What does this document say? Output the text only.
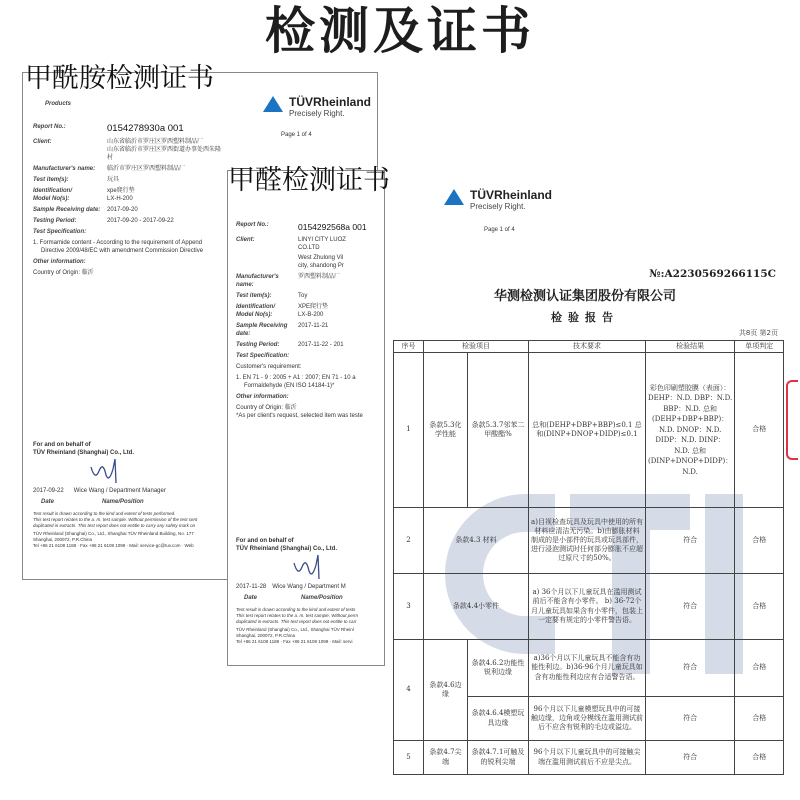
检测及证书
TÜVRheinland
Precisely Right.
Products
Page 1 of 4
Report No.:	0154278930a 001
Client:	山东省临沂市罗庄区罗西塑料制品厂
山东省临沂市罗庄区罗西街道办事处西朱隆村
Manufacturer's name:	临沂市罗庄区罗西塑料制品厂
Test item(s):	玩具
Identification/
Model No(s):
xpe爬行垫
LX-H-200
Sample Receiving date:	2017-09-20
Testing Period:	2017-09-20 - 2017-09-22
Test Specification:
1. Formamide content - According to the requirement of Append
Directive 2009/48/EC with amendment Commission Directive
Other information:
Country of Origin: 临沂
For and on behalf of
TÜV Rheinland (Shanghai) Co., Ltd.
2017-09-22 Wice Wang / Department Manager
Date	Name/Position
Test result is drawn according to the kind and extent of tests performed.
This test report relates to the a. m. test sample. Without permission of the test cent
duplicated in extracts. This test report does not entitle to carry any safety mark on
TÜV Rheinland (Shanghai) Co., Ltd., Shanghai TÜV Rheinland Building, No. 177
Shanghai, 200072, P.R.China
Tel +86 21 6108 1188 · Fax +86 21 6108 1099 · Mail: service-gc@tuv.com · Web
甲酰胺检测证书
Report No.:	0154292568a 001
Client:	LINYI CITY LUOZ
CO.LTD
West Zhulong Vil
city, shandong Pr
Manufacturer's name:
罗西塑料制品厂
Test item(s):	Toy
Identification/
Model No(s):
XPE爬行垫
LX-B-200
Sample Receiving date:
2017-11-21
Testing Period:	2017-11-22 - 201
Test Specification:
Customer's requirement:
1. EN 71 - 9 : 2005 + A1 : 2007; EN 71 - 10 a
Formaldehyde (EN ISO 14184-1)*
Other information:
Country of Origin: 临沂
*As per client's request, selected item was teste
For and on behalf of
TÜV Rheinland (Shanghai) Co., Ltd.
2017-11-28 Wice Wang / Department M
Date	Name/Position
Test result is drawn according to the kind and extent of tests
This test report relates to the a. m. test sample. Without perm
duplicated in extracts. This test report does not entitle to carr
TÜV Rheinland (Shanghai) Co., Ltd., Shanghai TÜV Rheinl
Shanghai, 200072, P.R.China
Tel +86 21 6108 1188 · Fax +86 21 6108 1099 · Mail: servi
TÜVRheinland
Precisely Right.
Page 1 of 4
甲醛检测证书
№:A2230569266115C
华测检测认证集团股份有限公司
检验报告
共8页 第2页
序号	检验项目		技术要求	检验结果	单项判定
1	条款5.3化学性能	条款5.3.7邻苯二甲酸酯%	总和(DEHP+DBP+BBP)≤0.1 总和(DINP+DNOP+DIDP)≤0.1	彩色印刷塑胶膜（表面）：DEHP：N.D. DBP：N.D. BBP：N.D. 总和(DEHP+DBP+BBP)：N.D. DNOP：N.D. DIDP：N.D. DINP：N.D. 总和(DINP+DNOP+DIDP)：N.D.	合格
2	条款4.3 材料		a)目视检查玩具及玩具中使用的所有材料应清洁无污染。b)由膨胀材料制成的是小部件的玩具或玩具部件，进行浸泡测试时任何部分膨胀不应超过原尺寸的50%。	符合	合格
3	条款4.4小零件		a) 36个月以下儿童玩具在滥用测试前后不能含有小零件。 b) 36-72个月儿童玩具如果含有小零件，包装上一定要有规定的小零件警告语。	符合	合格
4	条款4.6边缘	条款4.6.2功能性锐利边缘	a)36个月以下儿童玩具不能含有功能性利边。b)36-96个月儿童玩具如含有功能性利边应有合适警告语。	符合	合格
		条款4.6.4模塑玩具边缘	96个月以下儿童模塑玩具中的可接触边缘，边角或分模线在滥用测试前后不应含有锐利的毛边或溢边。	符合	合格
5	条款4.7尖端	条款4.7.1可触及的锐利尖端	96个月以下儿童玩具中的可接触尖端在滥用测试前后不应是尖点。	符合	合格
